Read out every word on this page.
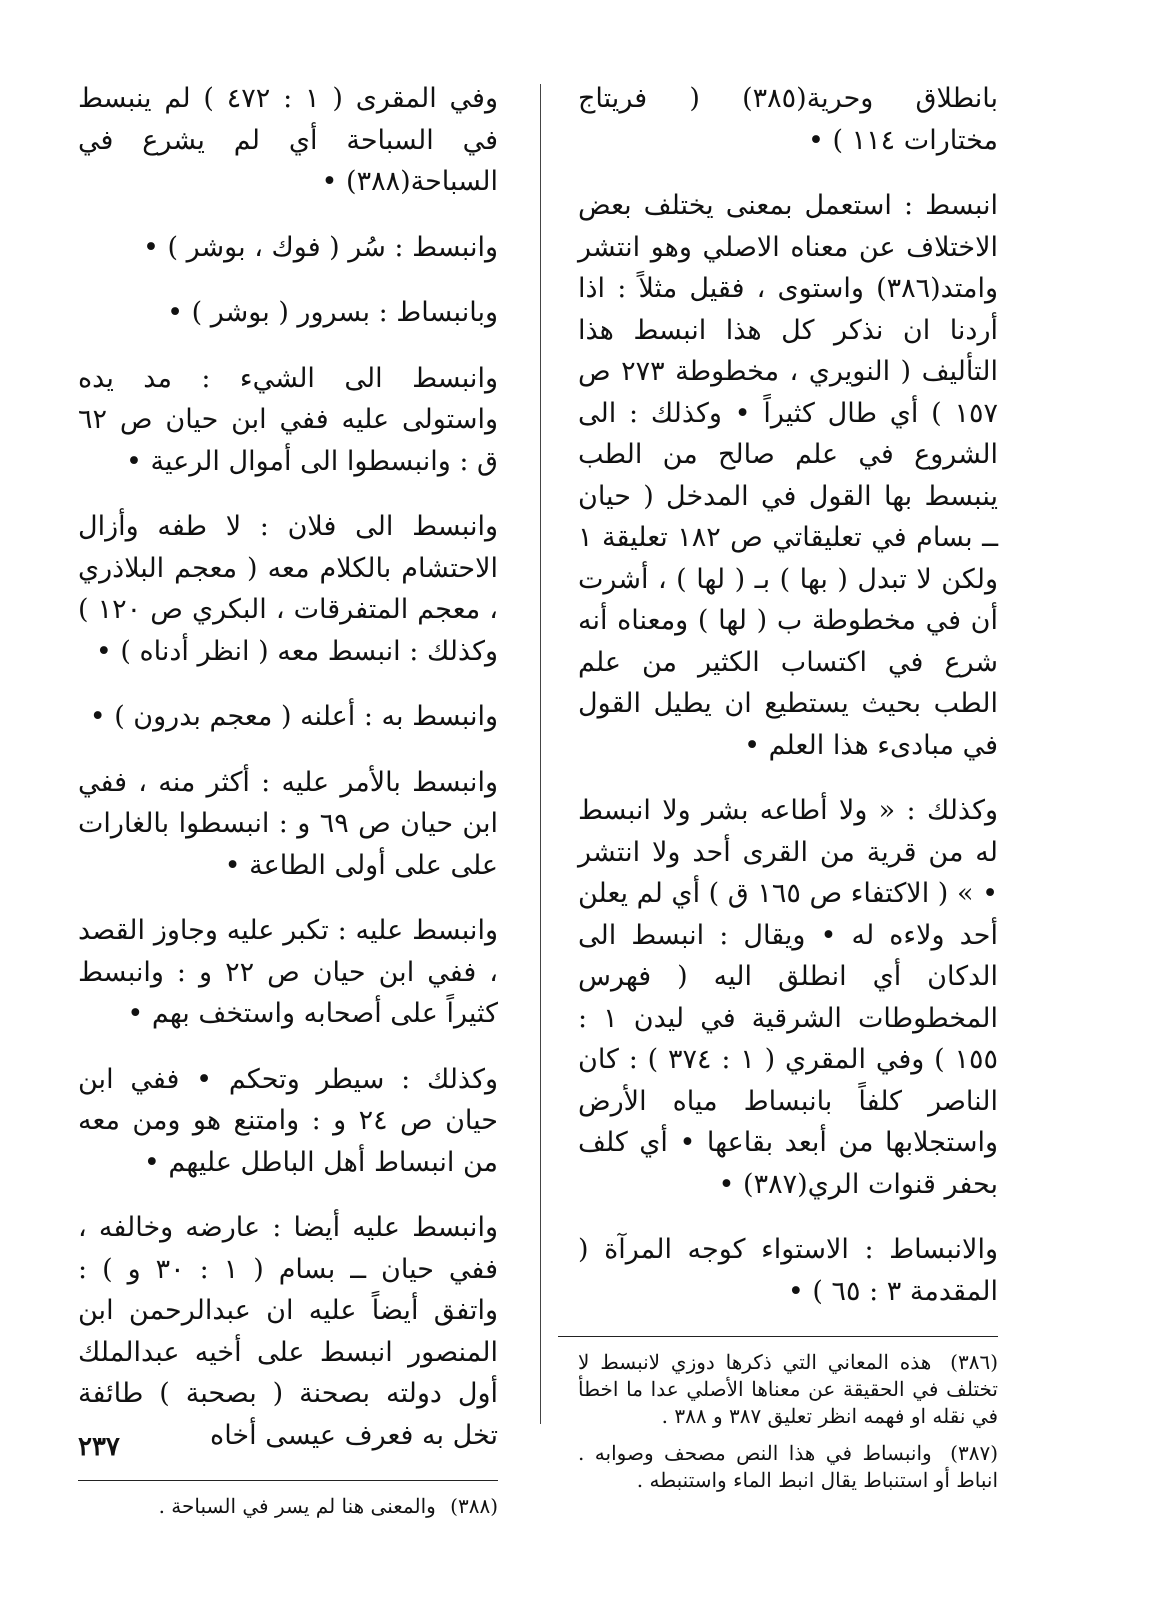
بانطلاق وحرية(٣٨٥) ( فريتاج مختارات ١١٤ ) •

انبسط : استعمل بمعنى يختلف بعض الاختلاف عن معناه الاصلي وهو انتشر وامتد(٣٨٦) واستوى ، فقيل مثلاً : اذا أردنا ان نذكر كل هذا انبسط هذا التأليف ( النويري ، مخطوطة ٢٧٣ ص ١٥٧ ) أي طال كثيراً • وكذلك : الى الشروع في علم صالح من الطب ينبسط بها القول في المدخل ( حيان ــ بسام في تعليقاتي ص ١٨٢ تعليقة ١ ولكن لا تبدل ( بها ) بـ ( لها ) ، أشرت أن في مخطوطة ب ( لها ) ومعناه أنه شرع في اكتساب الكثير من علم الطب بحيث يستطيع ان يطيل القول في مبادىء هذا العلم •

وكذلك : « ولا أطاعه بشر ولا انبسط له من قرية من القرى أحد ولا انتشر • » ( الاكتفاء ص ١٦٥ ق ) أي لم يعلن أحد ولاءه له • ويقال : انبسط الى الدكان أي انطلق اليه ( فهرس المخطوطات الشرقية في ليدن ١ : ١٥٥ ) وفي المقري ( ١ : ٣٧٤ ) : كان الناصر كلفاً بانبساط مياه الأرض واستجلابها من أبعد بقاعها • أي كلف بحفر قنوات الري(٣٨٧) •

والانبساط : الاستواء كوجه المرآة ( المقدمة ٣ : ٦٥ ) •

(٣٨٦) هذه المعاني التي ذكرها دوزي لانبسط لا تختلف في الحقيقة عن معناها الأصلي عدا ما اخطأ في نقله او فهمه انظر تعليق ٣٨٧ و ٣٨٨ .

(٣٨٧) وانبساط في هذا النص مصحف وصوابه . انباط أو استنباط يقال انبط الماء واستنبطه .

وفي المقرى ( ١ : ٤٧٢ ) لم ينبسط في السباحة أي لم يشرع في السباحة(٣٨٨) •

وانبسط : سُر ( فوك ، بوشر ) •

وبانبساط : بسرور ( بوشر ) •

وانبسط الى الشيء : مد يده واستولى عليه ففي ابن حيان ص ٦٢ ق : وانبسطوا الى أموال الرعية •

وانبسط الى فلان : لا طفه وأزال الاحتشام بالكلام معه ( معجم البلاذري ، معجم المتفرقات ، البكري ص ١٢٠ ) وكذلك : انبسط معه ( انظر أدناه ) •

وانبسط به : أعلنه ( معجم بدرون ) •

وانبسط بالأمر عليه : أكثر منه ، ففي ابن حيان ص ٦٩ و : انبسطوا بالغارات على على أولى الطاعة •

وانبسط عليه : تكبر عليه وجاوز القصد ، ففي ابن حيان ص ٢٢ و : وانبسط كثيراً على أصحابه واستخف بهم •

وكذلك : سيطر وتحكم • ففي ابن حيان ص ٢٤ و : وامتنع هو ومن معه من انبساط أهل الباطل عليهم •

وانبسط عليه أيضا : عارضه وخالفه ، ففي حيان ــ بسام ( ١ : ٣٠ و ) : واتفق أيضاً عليه ان عبدالرحمن ابن المنصور انبسط على أخيه عبدالملك أول دولته بصحنة ( بصحبة ) طائفة تخل به فعرف عيسى أخاه

(٣٨٨) والمعنى هنا لم يسر في السباحة .

٢٣٧
